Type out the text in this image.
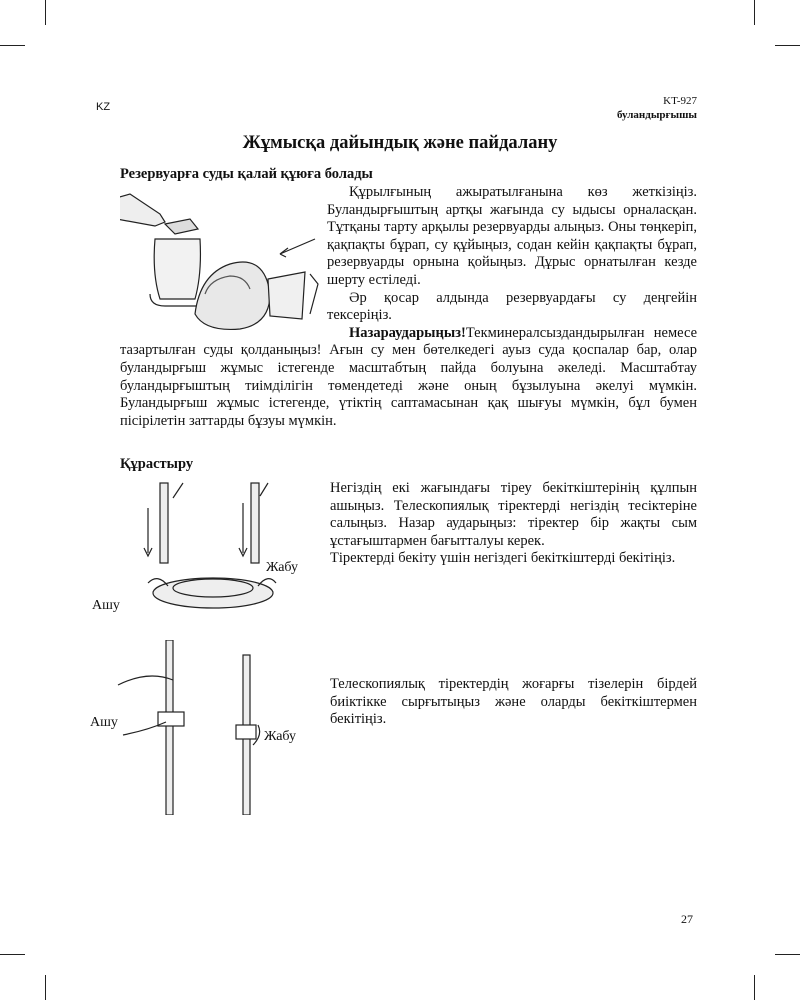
KZ	KT-927
буландырғышы
Жұмысқа дайындық және пайдалану
Резервуарға суды қалай құюға болады

Құрылғының ажыратылғанына көз жеткізіңіз. Буландырғыштың артқы жағында су ыдысы орналасқан. Тұтқаны тарту арқылы резервуарды алыңыз. Оны төңкеріп, қақпақты бұрап, су құйыңыз, содан кейін қақпақты бұрап, резервуарды орнына қойыңыз. Дұрыс орнатылған кезде шерту естіледі.

Әр қосар алдында резервуардағы су деңгейін тексеріңіз.

Назараударыңыз!Текминералсыздандырылған немесе тазартылған суды қолданыңыз! Ағын су мен бөтелкедегі ауыз суда қоспалар бар, олар буландырғыш жұмыс істегенде масштабтың пайда болуына әкеледі. Масштабтау буландырғыштың тиімділігін төмендетеді және оның бұзылуына әкелуі мүмкін. Буландырғыш жұмыс істегенде, үтіктің саптамасынан қақ шығуы мүмкін, бұл бумен пісірілетін заттарды бұзуы мүмкін.

Құрастыру
Ашу
Жабу

Негіздің екі жағындағы тіреу бекіткіштерінің құлпын ашыңыз. Телескопиялық тіректерді негіздің тесіктеріне салыңыз. Назар аударыңыз: тіректер бір жақты сым ұстағыштармен бағытталуы керек.

Тіректерді бекіту үшін негіздегі бекіткіштерді бекітіңіз.

Ашу
Жабу

Телескопиялық тіректердің жоғарғы тізелерін бірдей биіктікке сырғытыңыз және оларды бекіткіштермен бекітіңіз.

27
